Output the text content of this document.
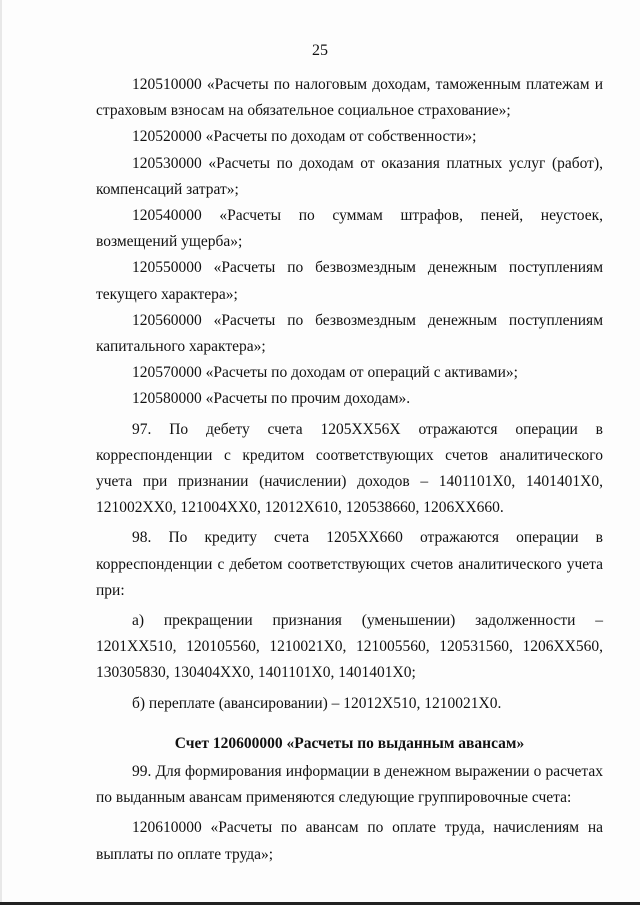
25

120510000 «Расчеты по налоговым доходам, таможенным платежам и страховым взносам на обязательное социальное страхование»;

120520000 «Расчеты по доходам от собственности»;

120530000 «Расчеты по доходам от оказания платных услуг (работ), компенсаций затрат»;

120540000 «Расчеты по суммам штрафов, пеней, неустоек, возмещений ущерба»;

120550000 «Расчеты по безвозмездным денежным поступлениям текущего характера»;

120560000 «Расчеты по безвозмездным денежным поступлениям капитального характера»;

120570000 «Расчеты по доходам от операций с активами»;

120580000 «Расчеты по прочим доходам».

97. По дебету счета 1205ХХ56Х отражаются операции в корреспонденции с кредитом соответствующих счетов аналитического учета при признании (начислении) доходов – 1401101Х0, 1401401Х0, 121002ХХ0, 121004ХХ0, 12012Х610, 120538660, 1206ХХ660.

98. По кредиту счета 1205ХХ660 отражаются операции в корреспонденции с дебетом соответствующих счетов аналитического учета при:

а) прекращении признания (уменьшении) задолженности – 1201ХХ510, 120105560, 1210021Х0, 121005560, 120531560, 1206ХХ560, 130305830, 130404ХХ0, 1401101Х0, 1401401Х0;

б) переплате (авансировании) – 12012Х510, 1210021Х0.

Счет 120600000 «Расчеты по выданным авансам»

99. Для формирования информации в денежном выражении о расчетах по выданным авансам применяются следующие группировочные счета:

120610000 «Расчеты по авансам по оплате труда, начислениям на выплаты по оплате труда»;
